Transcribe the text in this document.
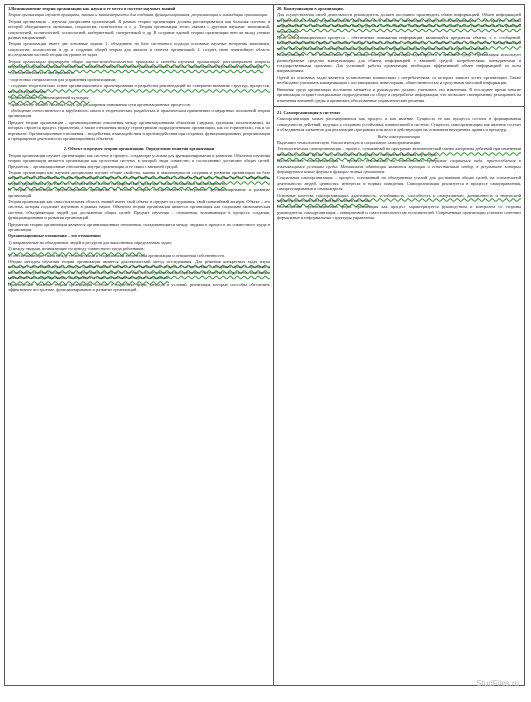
1.Возникновение теории организации как науки и ее место в системе научных знаний
Теория организации изучает принципы, законы и закономерности для создания, функционирования, реорганизации и ликвидации организации.
Теория организации – научная дисциплина организаций. В рамках теории организация должна рассматриваться как большая система, в которой объединяются экономика, социология, политология и т. д. Теория организации тесно связана с другими науками: экономикой, социологией, политологией, психологией, кибернетикой, синергетикой и др. В создание единой теории организации внесли вклад ученые разных направлений.
Теория организации имеет две основные задачи: 1. объединить на базе системного подхода основные научные воззрения экономики, социологии, политологии и др. в создании общей теории для анализа и синтеза организаций; 2. создать свою понятийную область исследования частной теории на уровне ее задач.
Теория организации формирует общие научно-методологические принципы и методы изучения организаций, рассматривает вопросы структуры, организационного поведения, взаимодействия элементов организационной системы, закономерностей развития организаций.
- обобщение опыта и эксперимента;
- подготовка специалистов для управления организациями;
- создание теоретических основ организационного проектирования и разработка рекомендаций по совершенствованию структур, процессов, методов управления;
- формирование организационной культуры;
- привлечение знаний смежных наук для расширения понимания сути организационных процессов;
- обобщение отечественного и зарубежного опыта в теоретических разработках и практическом применении стандартных положений теории организации.
Предмет теории организации – организационные отношения между организационными объектами (людьми, группами, коллективами), на которых строится процесс управления, а также отношения между структурными подразделениями организации, как по горизонтали, так и по вертикали. Организационные отношения – воздействия, взаимодействия и противодействия при создании, функционировании, реорганизации и прекращении деятельности организационных объектов.
2. Объект и предмет теории организации. Определение понятия организации
Теория организации изучает организацию как систему и процесс, создающие условия для функционирования и развития. Объектом изучения теории организации является организация как целостная система, в которой люди совместно и согласованно достигают общих целей. Предметом – организационные отношения внутри организации и ее связи с внешней средой.
Теория организации как научная дисциплина изучает общие свойства, законы и закономерности создания и развития организации на базе теории систем. Положения теории организации базируются на теоретических знаниях и законах ряда наук: теории систем, кибернетики, теории управления и др. Вместе с тем она имеет и свои специфические, присущие только ей законы и закономерности.
В теории организации сформулированы принципы, на основе которых осуществляется построение, функционирование и развитие организаций.
Теория организации как самостоятельная область знаний имеет свой объект и предмет исследования, свой понятийный аппарат. Объект – это система, которая подлежит изучению в рамках науки. Объектом теории организации является организация как социально-экономическая система, объединяющая людей для достижения общих целей. Предмет изучения – отношения, возникающие в процессе создания, функционирования и развития организаций.
Предметом теории организации являются организационные отношения, складывающиеся между людьми в процессе их совместного труда в организации.
Организационные отношения – это отношения:
1) направленные на объединение людей и ресурсов для выполнения определенных задач;
2) между людьми, возникающие по поводу совместного труда работников;
3) обеспечивающие связи между техническими и социальными элементами организации и отношения собственности.
Общим методом изучения теории организации является диалектический метод исследования. Для решения конкретных задач наука использует системный подход, методы сравнительного анализа и математические модели, в соответствии с которыми процесс принятия и обоснования решений базируется на определении общей цели системы и последовательном подчинении ей целей всех подсистем, экономико-математическое моделирование, эксперимент и социологические методы исследования.
Практическое значение теории организации состоит в выработке форм, методов и условий, реализация которых способна обеспечить эффективное построение, функционирование и развитие организаций.
20. Коммуникации в организации.
Для осуществления своей деятельности руководитель должен постоянно производить обмен информацией. Обмен информацией встроен во все виды управленческой деятельности и является связующим процессом. Коммуникации – это процесс обмена информацией, ее смысловым значением между двумя и более людьми. Коммуникация необходима для осуществления всех функций управления.
Цель коммуникационного процесса – обеспечение понимания информации, являющейся предметом обмена, т. е. сообщений. Коммуникационный процесс включает четыре базовых элемента: отправитель, сообщение, канал и получатель. Коммуникации могут быть вербальными и невербальными, формальными и неформальными, вертикальными и горизонтальными.
Коммуникация – это взаимосвязь, при помощи которой организация адаптируется к внешней среде. Организация использует разнообразные средства коммуникации для обмена информацией с внешней средой, потребителями, конкурентами и государственными органами. Для успешной работы организации необходим эффективный обмен информацией по всем направлениям.
Одной из основных задач является установление взаимосвязи с потребителями, от которых зависит успех организации. Также необходимо учитывать коммуникации с поставщиками, инвесторами, общественностью и средствами массовой информации.
Внешняя среда организации постоянно меняется и руководство должно учитывать эти изменения. В последнее время многие организации создают специальные подразделения по сбору и переработке информации, что позволяет своевременно реагировать на изменения внешней среды и принимать обоснованные управленческие решения.
21. Самоорганизация в системах
Самоорганизация может рассматриваться как процесс и как явление. Сущность ее как процесса состоит в формировании совокупности действий, ведущих к созданию устойчивых взаимосвязей в системе. Сущность самоорганизации как явления состоит в объединении элементов для реализации программы или цели и действующих на основании внутренних правил и процедур.
Виды самоорганизации
Выделяют технологическую, биологическую и социальную самоорганизацию.
Технологическая самоорганизация – процесс, основанный на программе автоматической смены алгоритма действий при изменении внешних условий. Кроме того, используется в процессе совершенствования структуры.
Биологическая самоорганизация – процесс, основанный на генетической программе сохранения вида, приспособления к изменяющимся условиям среды. Механизмом адаптации являются мутации и естественный отбор, в результате которых формируются новые формы и функции живых организмов.
Социальная самоорганизация – процесс, основанный на объединении усилий для достижения общих целей, на сознательной деятельности людей, ценностях, интересах и нормах поведения. Самоорганизация реализуется в процессе самоуправления, саморегулирования и самоконтроля.
Основные качества самоорганизации: адаптивность, устойчивость, способность к саморазвитию, динамичность и творческий характер деятельности отдельных членов системы.
Соотношение организационных форм: организация как процесс характеризуется руководством и контролем со стороны руководителя, самоорганизация – инициативой и самостоятельностью исполнителей. Современные организации успешно сочетают формальные и неформальные структуры управления.
StudFiles.ru
